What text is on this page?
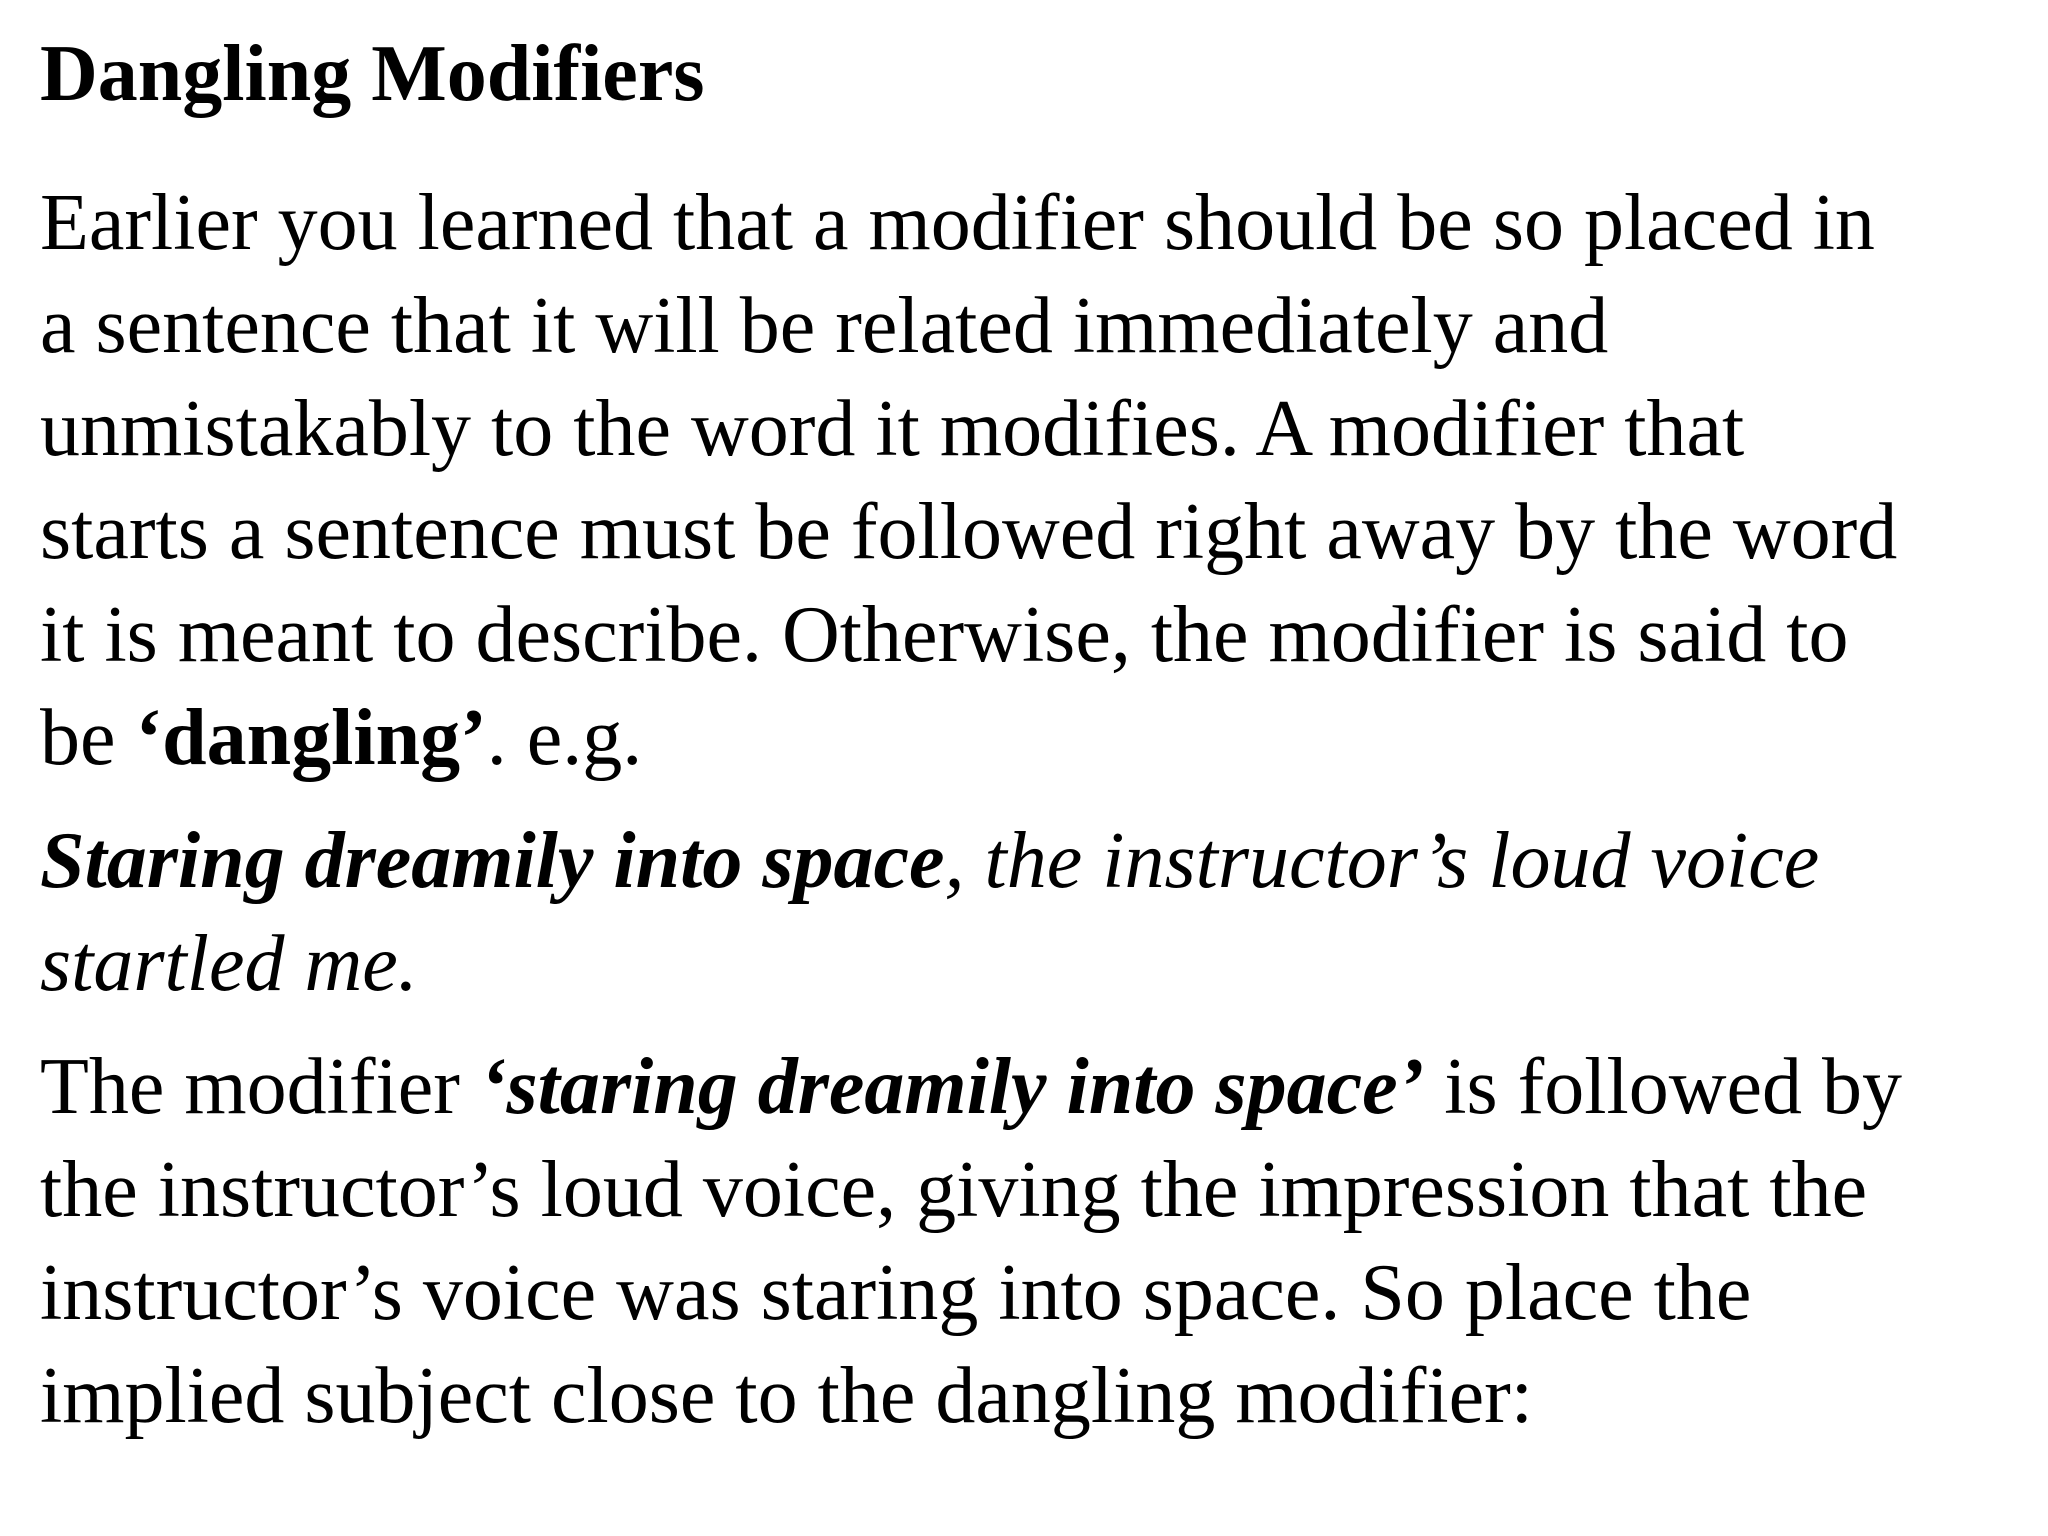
Dangling Modifiers

Earlier you learned that a modifier should be so placed in
a sentence that it will be related immediately and
unmistakably to the word it modifies. A modifier that
starts a sentence must be followed right away by the word
it is meant to describe. Otherwise, the modifier is said to
be ‘dangling’. e.g.

Staring dreamily into space, the instructor’s loud voice
startled me.

The modifier ‘staring dreamily into space’ is followed by
the instructor’s loud voice, giving the impression that the
instructor’s voice was staring into space. So place the
implied subject close to the dangling modifier:
